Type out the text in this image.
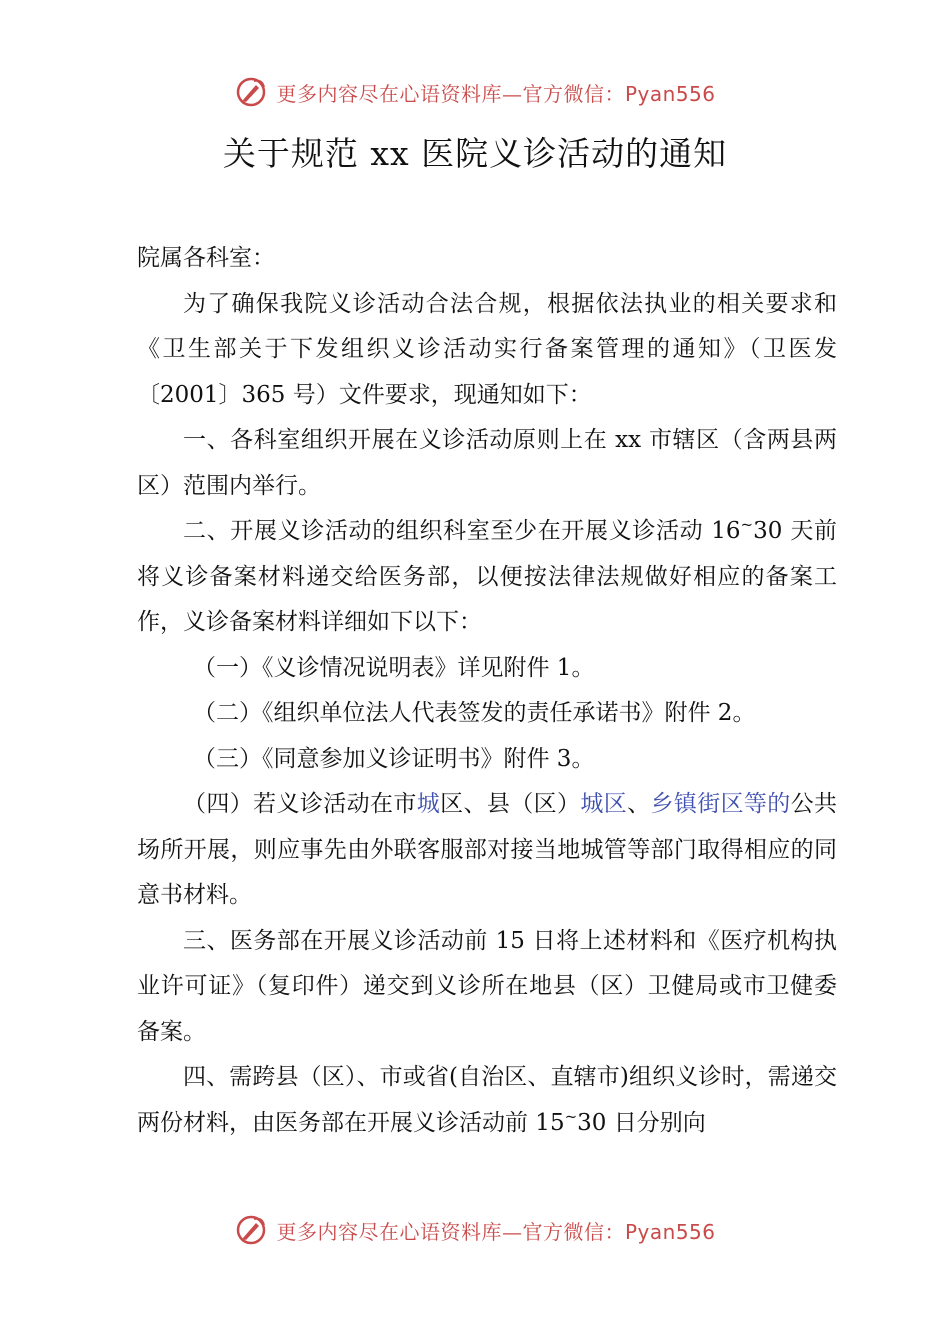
更多内容尽在心语资料库—官方微信：Pyan556
关于规范 xx 医院义诊活动的通知

院属各科室：

为了确保我院义诊活动合法合规，根据依法执业的相关要求和《卫生部关于下发组织义诊活动实行备案管理的通知》（卫医发〔2001〕365 号）文件要求，现通知如下：

一、各科室组织开展在义诊活动原则上在 xx 市辖区（含两县两区）范围内举行。

二、开展义诊活动的组织科室至少在开展义诊活动 16~30 天前将义诊备案材料递交给医务部，以便按法律法规做好相应的备案工作，义诊备案材料详细如下以下：

（一）《义诊情况说明表》详见附件 1。

（二）《组织单位法人代表签发的责任承诺书》附件 2。

（三）《同意参加义诊证明书》附件 3。

（四）若义诊活动在市城区、县（区）城区、乡镇街区等的公共场所开展，则应事先由外联客服部对接当地城管等部门取得相应的同意书材料。

三、医务部在开展义诊活动前 15 日将上述材料和《医疗机构执业许可证》（复印件）递交到义诊所在地县（区）卫健局或市卫健委备案。

四、需跨县（区）、市或省(自治区、直辖市)组织义诊时，需递交两份材料，由医务部在开展义诊活动前 15~30 日分别向

更多内容尽在心语资料库—官方微信：Pyan556
